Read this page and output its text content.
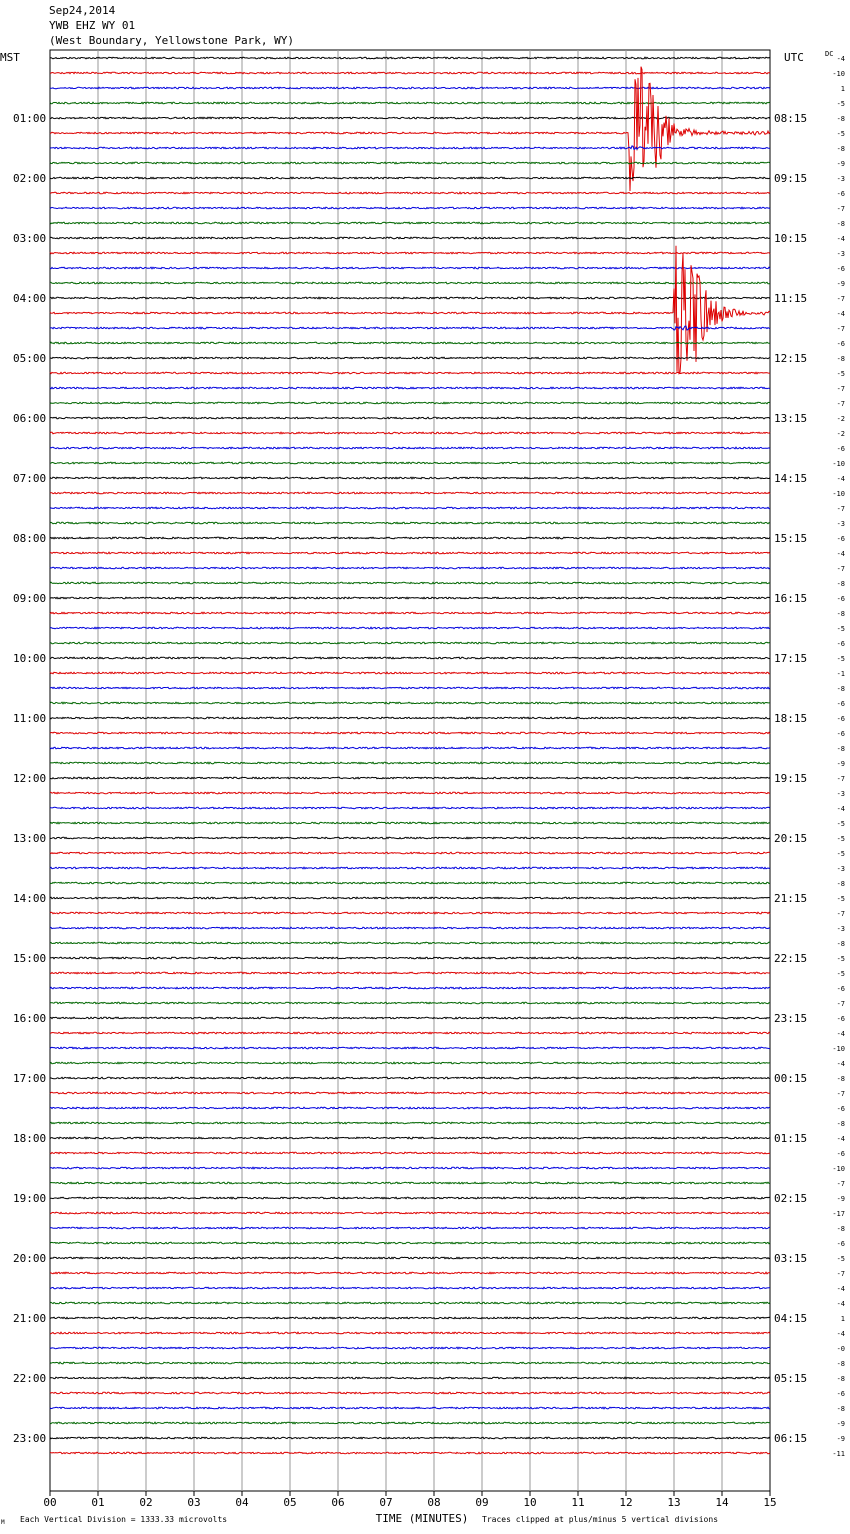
Sep24,2014
YWB EHZ WY 01
(West Boundary, Yellowstone Park, WY)
MST	UTC	DC
01:00
02:00
03:00
04:00
05:00
06:00
07:00
08:00
09:00
10:00
11:00
12:00
13:00
14:00
15:00
16:00
17:00
18:00
19:00
20:00
21:00
22:00
23:00
08:15
09:15
10:15
11:15
12:15
13:15
14:15
15:15
16:15
17:15
18:15
19:15
20:15
21:15
22:15
23:15
00:15
01:15
02:15
03:15
04:15
05:15
06:15
-4
-10
1
-5
-8
-5
-8
-9
-3
-6
-7
-8
-4
-3
-6
-9
-7
-4
-7
-6
-8
-5
-7
-7
-2
-2
-6
-10
-4
-10
-7
-3
-6
-4
-7
-8
-6
-8
-5
-6
-5
-1
-8
-6
-6
-6
-8
-9
-7
-3
-4
-5
-5
-5
-3
-8
-5
-7
-3
-8
-5
-5
-6
-7
-6
-4
-10
-4
-8
-7
-6
-8
-4
-6
-10
-7
-9
-17
-8
-6
-5
-7
-4
-4
1
-4
-0
-8
-8
-6
-8
-9
-9
-11
00	01	02	03	04	05	06	07	08	09	10	11	12	13	14	15
TIME (MINUTES)
Each Vertical Division = 1333.33 microvolts	Traces clipped at plus/minus 5 vertical divisions
M
